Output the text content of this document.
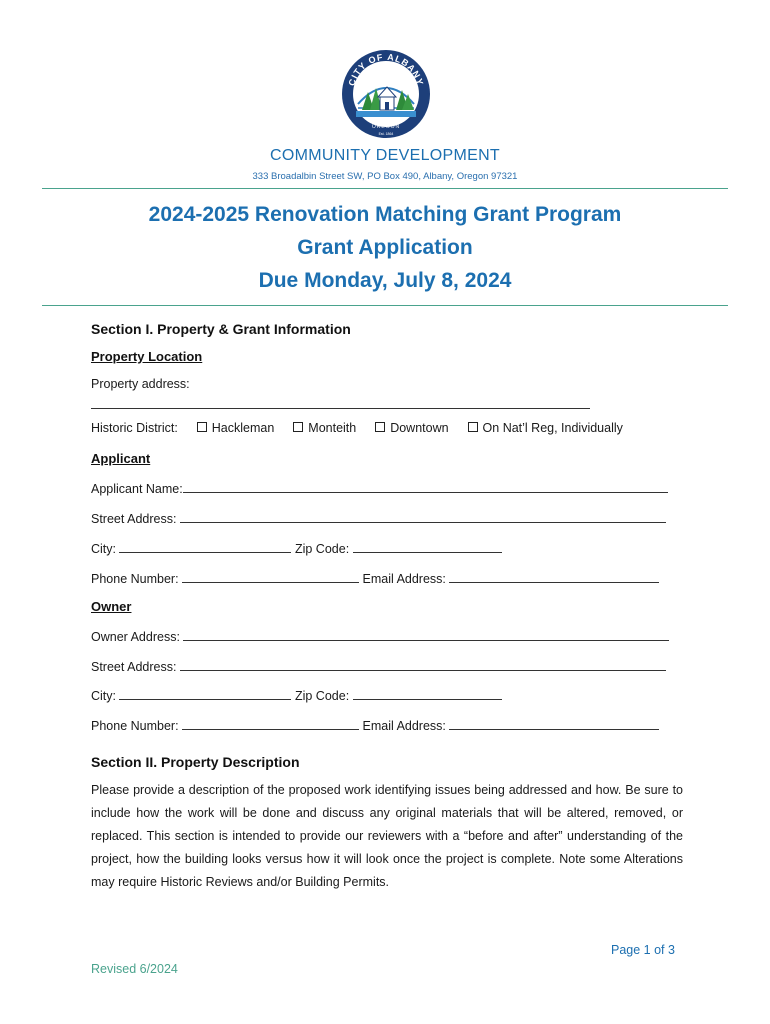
CITY OF ALBANY
OREGON
Est. 1864
COMMUNITY DEVELOPMENT
333 Broadalbin Street SW, PO Box 490, Albany, Oregon 97321
2024-2025 Renovation Matching Grant Program
Grant Application
Due Monday, July 8, 2024
Section I. Property & Grant Information
Property Location
Property address:
Historic District:	Hackleman	Monteith	Downtown	On Nat’l Reg, Individually
Applicant
Applicant Name:
Street Address:
City:	Zip Code:
Phone Number:	Email Address:
Owner
Owner Address:
Street Address:
City:	Zip Code:
Phone Number:	Email Address:
Section II. Property Description
Please provide a description of the proposed work identifying issues being addressed and how. Be sure to include how the work will be done and discuss any original materials that will be altered, removed, or replaced. This section is intended to provide our reviewers with a “before and after” understanding of the project, how the building looks versus how it will look once the project is complete. Note some Alterations may require Historic Reviews and/or Building Permits.
Page 1 of 3
Revised 6/2024
